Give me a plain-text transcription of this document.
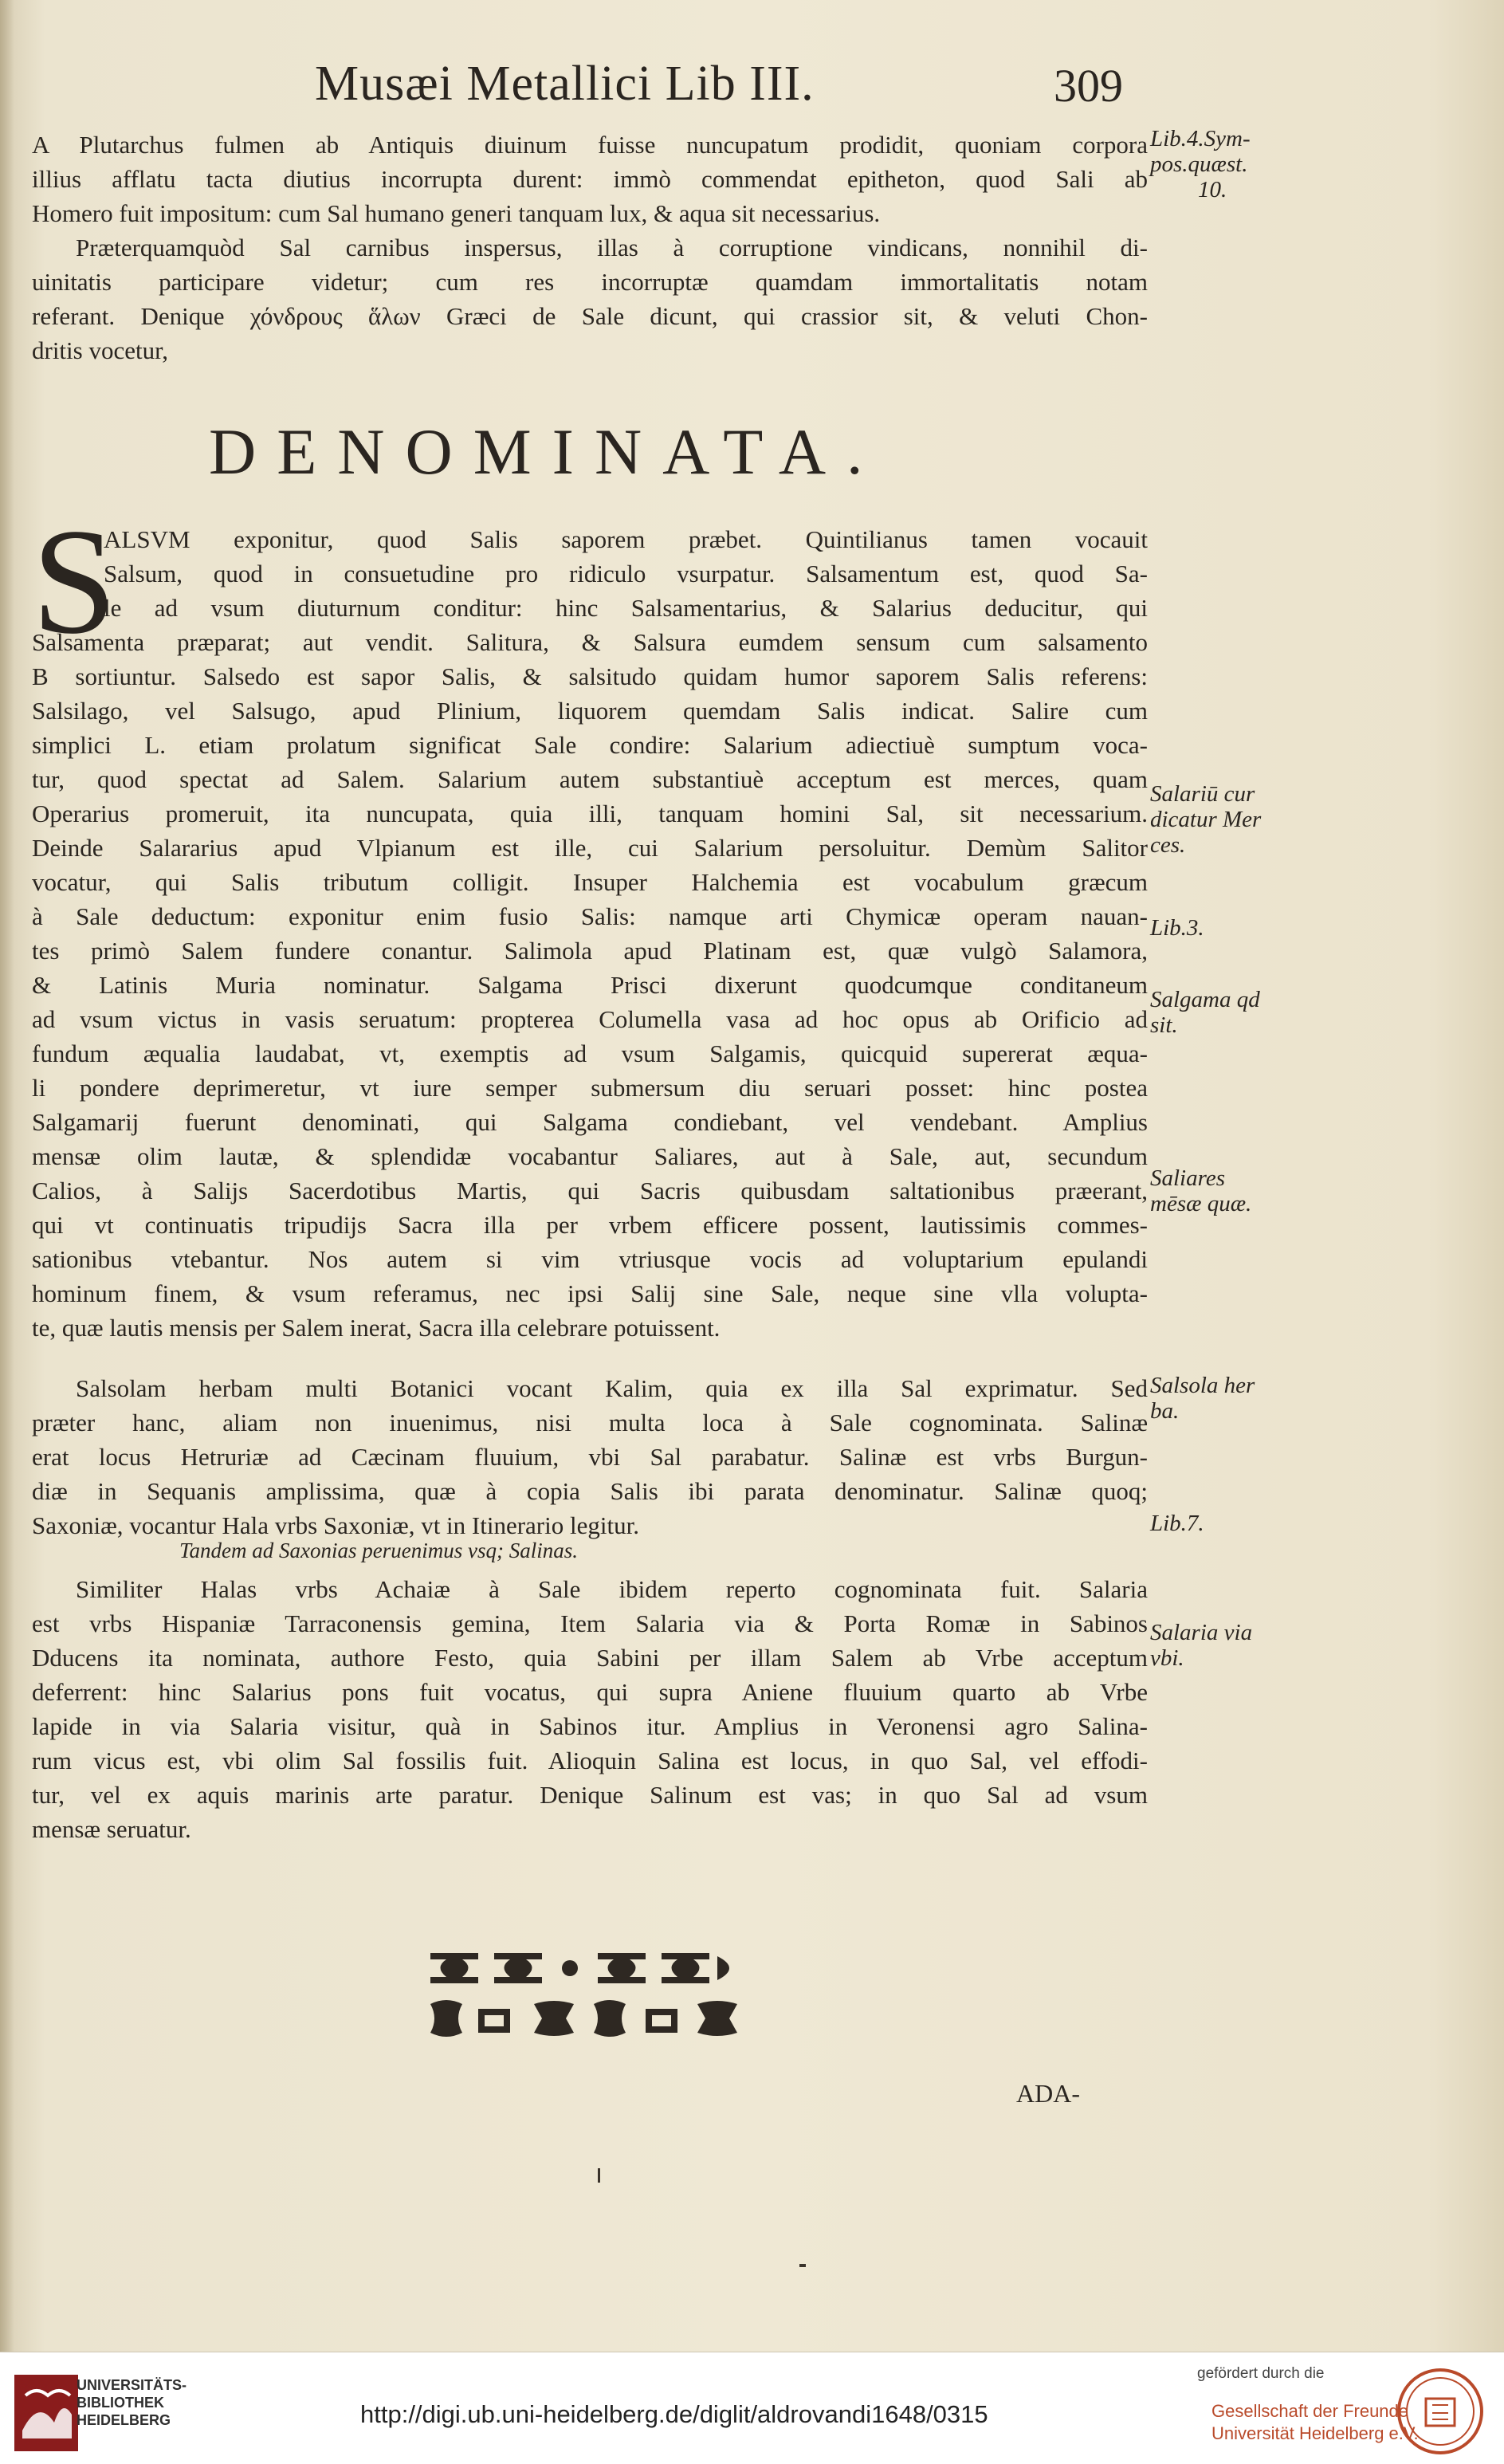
Musæi Metallici Lib III.	309
A Plutarchus fulmen ab Antiquis diuinum fuisse nuncupatum prodidit, quoniam corpora
illius afflatu tacta diutius incorrupta durent: immò commendat epitheton, quod Sali ab
Homero fuit impositum: cum Sal humano generi tanquam lux, & aqua sit necessarius.
Præterquamquòd Sal carnibus inspersus, illas à corruptione vindicans, nonnihil di-
uinitatis participare videtur; cum res incorruptæ quamdam immortalitatis notam
referant. Denique χόνδρους ἅλων Græci de Sale dicunt, qui crassior sit, & veluti Chon-
dritis vocetur,
DENOMINATA.
S
ALSVM exponitur, quod Salis saporem præbet. Quintilianus tamen vocauit
Salsum, quod in consuetudine pro ridiculo vsurpatur. Salsamentum est, quod Sa-
le ad vsum diuturnum conditur: hinc Salsamentarius, & Salarius deducitur, qui
Salsamenta præparat; aut vendit. Salitura, & Salsura eumdem sensum cum salsamento
B sortiuntur. Salsedo est sapor Salis, & salsitudo quidam humor saporem Salis referens:
Salsilago, vel Salsugo, apud Plinium, liquorem quemdam Salis indicat. Salire cum
simplici L. etiam prolatum significat Sale condire: Salarium adiectiuè sumptum voca-
tur, quod spectat ad Salem. Salarium autem substantiuè acceptum est merces, quam
Operarius promeruit, ita nuncupata, quia illi, tanquam homini Sal, sit necessarium.
Deinde Salararius apud Vlpianum est ille, cui Salarium persoluitur. Demùm Salitor
vocatur, qui Salis tributum colligit. Insuper Halchemia est vocabulum græcum
à Sale deductum: exponitur enim fusio Salis: namque arti Chymicæ operam nauan-
tes primò Salem fundere conantur. Salimola apud Platinam est, quæ vulgò Salamora,
& Latinis Muria nominatur. Salgama Prisci dixerunt quodcumque conditaneum
ad vsum victus in vasis seruatum: propterea Columella vasa ad hoc opus ab Orificio ad
fundum æqualia laudabat, vt, exemptis ad vsum Salgamis, quicquid supererat æqua-
li pondere deprimeretur, vt iure semper submersum diu seruari posset: hinc postea
Salgamarij fuerunt denominati, qui Salgama condiebant, vel vendebant. Amplius
mensæ olim lautæ, & splendidæ vocabantur Saliares, aut à Sale, aut, secundum
Calios, à Salijs Sacerdotibus Martis, qui Sacris quibusdam saltationibus præerant,
qui vt continuatis tripudijs Sacra illa per vrbem efficere possent, lautissimis commes-
sationibus vtebantur. Nos autem si vim vtriusque vocis ad voluptarium epulandi
hominum finem, & vsum referamus, nec ipsi Salij sine Sale, neque sine vlla volupta-
te, quæ lautis mensis per Salem inerat, Sacra illa celebrare potuissent.
Salsolam herbam multi Botanici vocant Kalim, quia ex illa Sal exprimatur. Sed
præter hanc, aliam non inuenimus, nisi multa loca à Sale cognominata. Salinæ
erat locus Hetruriæ ad Cæcinam fluuium, vbi Sal parabatur. Salinæ est vrbs Burgun-
diæ in Sequanis amplissima, quæ à copia Salis ibi parata denominatur. Salinæ quoq;
Saxoniæ, vocantur Hala vrbs Saxoniæ, vt in Itinerario legitur.
Tandem ad Saxonias peruenimus vsq; Salinas.
Similiter Halas vrbs Achaiæ à Sale ibidem reperto cognominata fuit. Salaria
est vrbs Hispaniæ Tarraconensis gemina, Item Salaria via & Porta Romæ in Sabinos
Dducens ita nominata, authore Festo, quia Sabini per illam Salem ab Vrbe acceptum
deferrent: hinc Salarius pons fuit vocatus, qui supra Aniene fluuium quarto ab Vrbe
lapide in via Salaria visitur, quà in Sabinos itur. Amplius in Veronensi agro Salina-
rum vicus est, vbi olim Sal fossilis fuit. Alioquin Salina est locus, in quo Sal, vel effodi-
tur, vel ex aquis marinis arte paratur. Denique Salinum est vas; in quo Sal ad vsum
mensæ seruatur.
Lib.4.Sym-
pos.quæst.
10.
Salariū cur
dicatur Mer
ces.
Lib.3.
Salgama qd
sit.
Saliares
mēsæ quæ.
Salsola her
ba.
Lib.7.
Salaria via
vbi.
ADA-
UNIVERSITÄTS-
BIBLIOTHEK
HEIDELBERG	http://digi.ub.uni-heidelberg.de/diglit/aldrovandi1648/0315
gefördert durch die
Gesellschaft der Freunde
Universität Heidelberg e.V.
